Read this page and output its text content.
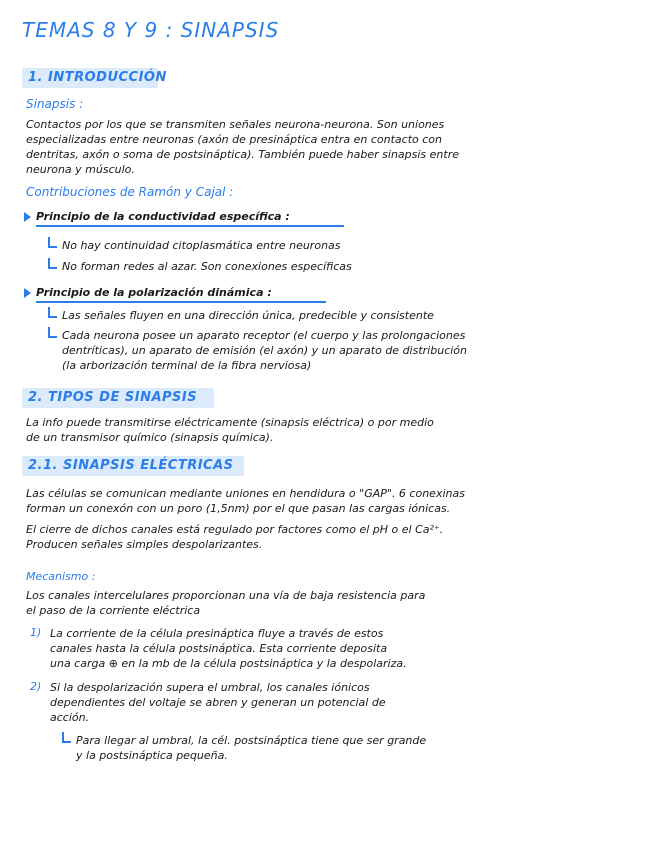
TEMAS 8 Y 9 : SINAPSIS
1. INTRODUCCIÓN
Sinapsis :
Contactos por los que se transmiten señales neurona-neurona. Son uniones
especializadas entre neuronas (axón de presináptica entra en contacto con
dentritas, axón o soma de postsináptica). También puede haber sinapsis entre
neurona y músculo.
Contribuciones de Ramón y Cajal :
Principio de la conductividad específica :
No hay continuidad citoplasmática entre neuronas
No forman redes al azar. Son conexiones específicas
Principio de la polarización dinámica :
Las señales fluyen en una dirección única, predecible y consistente
Cada neurona posee un aparato receptor (el cuerpo y las prolongaciones
dentríticas), un aparato de emisión (el axón) y un aparato de distribución
(la arborización terminal de la fibra nerviosa)
2. TIPOS DE SINAPSIS
La info puede transmitirse eléctricamente (sinapsis eléctrica) o por medio
de un transmisor químico (sinapsis química).
2.1. SINAPSIS ELÉCTRICAS
Las células se comunican mediante uniones en hendidura o "GAP". 6 conexinas
forman un conexón con un poro (1,5nm) por el que pasan las cargas iónicas.
El cierre de dichos canales está regulado por factores como el pH o el Ca²⁺.
Producen señales simples despolarizantes.
Mecanismo :
Los canales intercelulares proporcionan una vía de baja resistencia para
el paso de la corriente eléctrica
1) La corriente de la célula presináptica fluye a través de estos
canales hasta la célula postsináptica. Esta corriente deposita
una carga ⊕ en la mb de la célula postsináptica y la despolariza.
2) Si la despolarización supera el umbral, los canales iónicos
dependientes del voltaje se abren y generan un potencial de
acción.
Para llegar al umbral, la cél. postsináptica tiene que ser grande
y la postsináptica pequeña.
